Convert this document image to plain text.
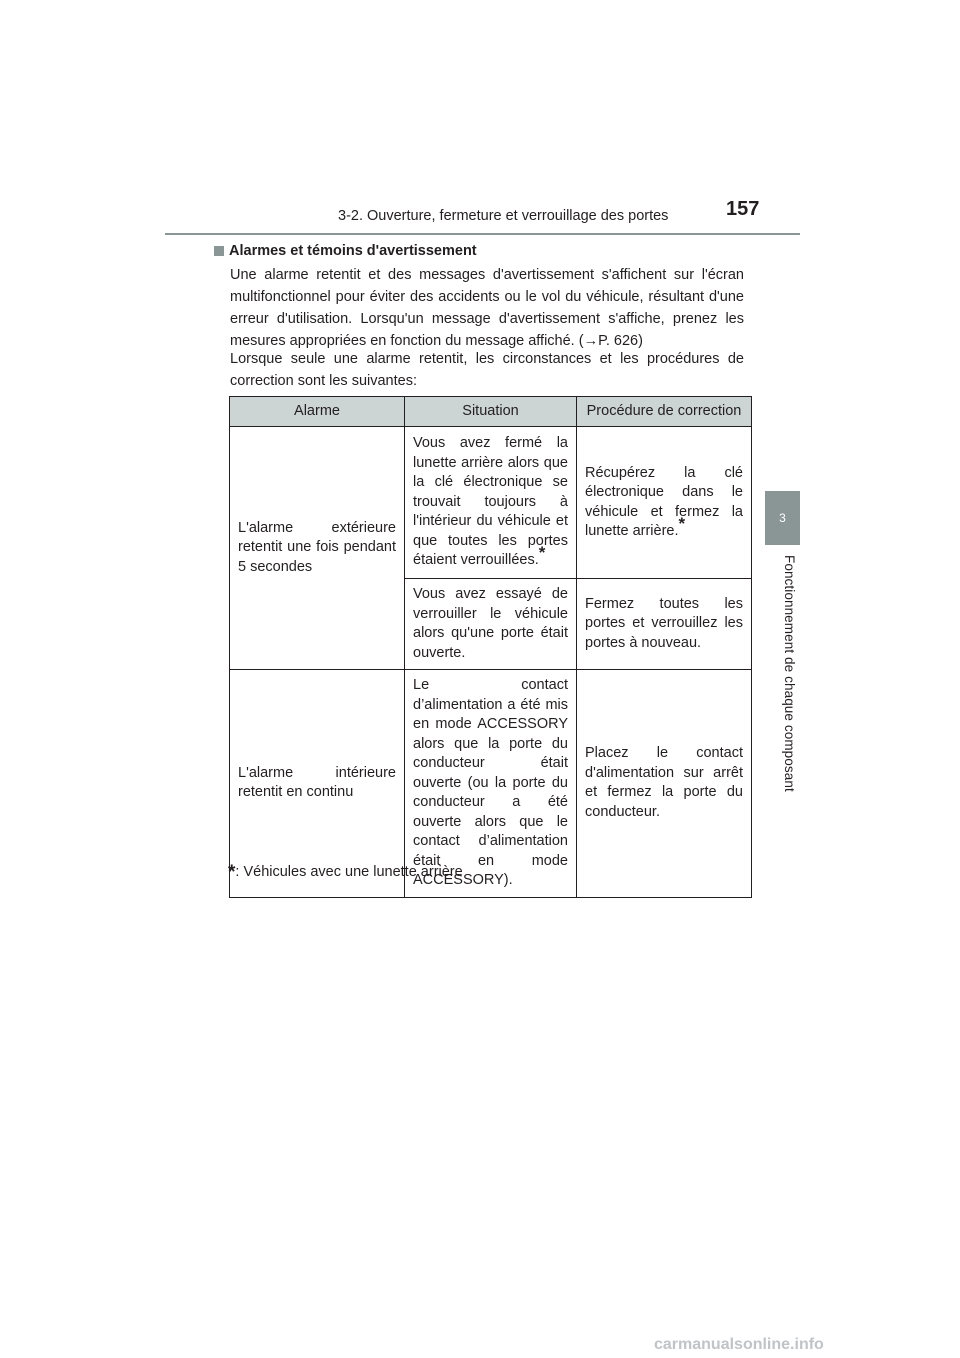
3-2. Ouverture, fermeture et verrouillage des portes	157
3
Fonctionnement de chaque composant
Alarmes et témoins d'avertissement

Une alarme retentit et des messages d'avertissement s'affichent sur l'écran multifonctionnel pour éviter des accidents ou le vol du véhicule, résultant d'une erreur d'utilisation. Lorsqu'un message d'avertissement s'affiche, prenez les mesures appropriées en fonction du message affiché. (→P. 626)

Lorsque seule une alarme retentit, les circonstances et les procédures de correction sont les suivantes:

Alarme	Situation	Procédure de correction
L'alarme extérieure retentit une fois pendant 5 secondes	Vous avez fermé la lunette arrière alors que la clé électronique se trouvait toujours à l'intérieur du véhicule et que toutes les portes étaient verrouillées.*	Récupérez la clé électronique dans le véhicule et fermez la lunette arrière.*
	Vous avez essayé de verrouiller le véhicule alors qu'une porte était ouverte.	Fermez toutes les portes et verrouillez les portes à nouveau.
L'alarme intérieure retentit en continu	Le contact d’alimentation a été mis en mode ACCESSORY alors que la porte du conducteur était ouverte (ou la porte du conducteur a été ouverte alors que le contact d’alimentation était en mode ACCESSORY).	Placez le contact d'alimentation sur arrêt et fermez la porte du conducteur.
*: Véhicules avec une lunette arrière
carmanualsonline.info
